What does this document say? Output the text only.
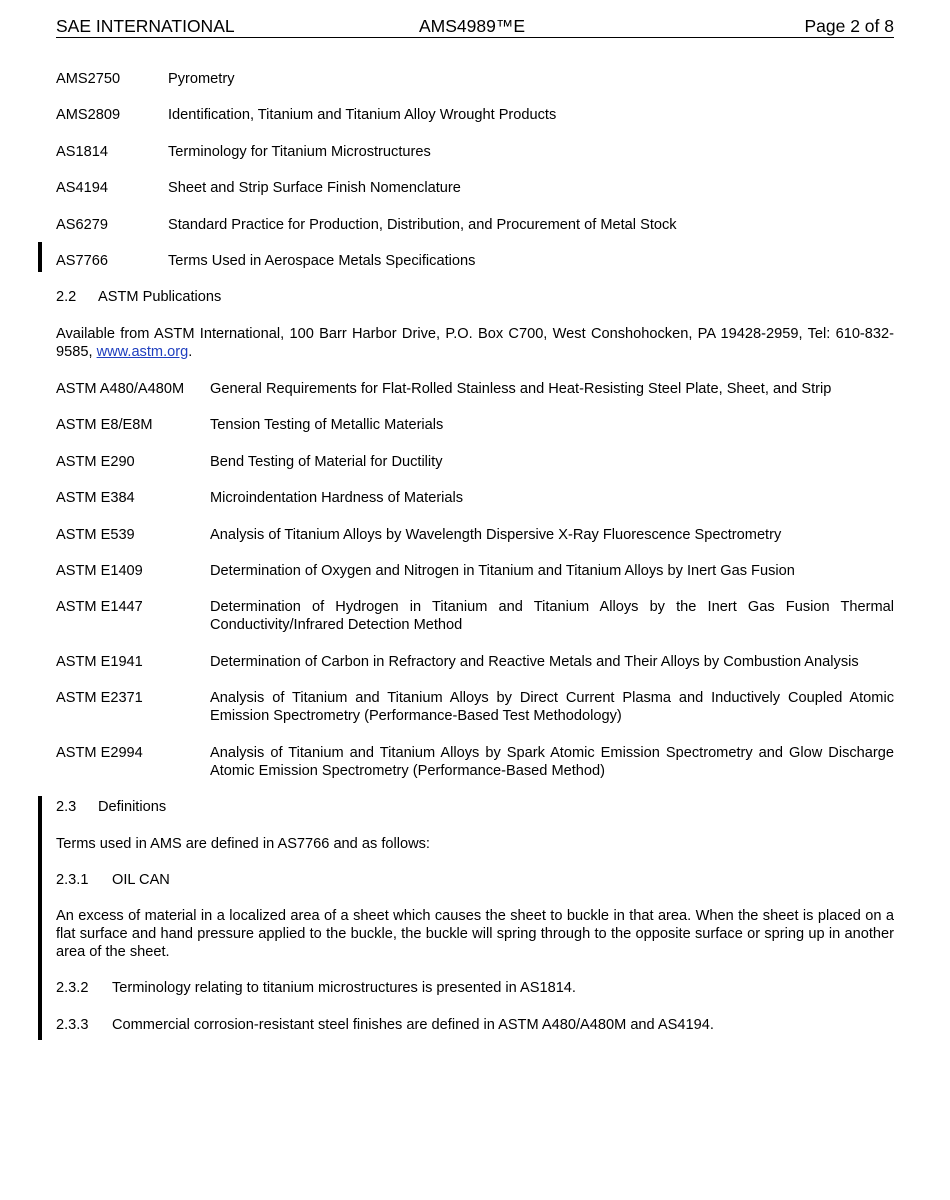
SAE INTERNATIONAL	AMS4989™E	Page 2 of 8
AMS2750	Pyrometry
AMS2809	Identification, Titanium and Titanium Alloy Wrought Products
AS1814	Terminology for Titanium Microstructures
AS4194	Sheet and Strip Surface Finish Nomenclature
AS6279	Standard Practice for Production, Distribution, and Procurement of Metal Stock
AS7766	Terms Used in Aerospace Metals Specifications
2.2 ASTM Publications
Available from ASTM International, 100 Barr Harbor Drive, P.O. Box C700, West Conshohocken, PA 19428-2959, Tel: 610-832-9585, www.astm.org.
ASTM A480/A480M General Requirements for Flat-Rolled Stainless and Heat-Resisting Steel Plate, Sheet, and Strip
ASTM E8/E8M	Tension Testing of Metallic Materials
ASTM E290	Bend Testing of Material for Ductility
ASTM E384	Microindentation Hardness of Materials
ASTM E539	Analysis of Titanium Alloys by Wavelength Dispersive X-Ray Fluorescence Spectrometry
ASTM E1409	Determination of Oxygen and Nitrogen in Titanium and Titanium Alloys by Inert Gas Fusion
ASTM E1447	Determination of Hydrogen in Titanium and Titanium Alloys by the Inert Gas Fusion Thermal Conductivity/Infrared Detection Method
ASTM E1941	Determination of Carbon in Refractory and Reactive Metals and Their Alloys by Combustion Analysis
ASTM E2371	Analysis of Titanium and Titanium Alloys by Direct Current Plasma and Inductively Coupled Atomic Emission Spectrometry (Performance-Based Test Methodology)
ASTM E2994	Analysis of Titanium and Titanium Alloys by Spark Atomic Emission Spectrometry and Glow Discharge Atomic Emission Spectrometry (Performance-Based Method)
2.3 Definitions
Terms used in AMS are defined in AS7766 and as follows:
2.3.1 OIL CAN
An excess of material in a localized area of a sheet which causes the sheet to buckle in that area. When the sheet is placed on a flat surface and hand pressure applied to the buckle, the buckle will spring through to the opposite surface or spring up in another area of the sheet.
2.3.2 Terminology relating to titanium microstructures is presented in AS1814.
2.3.3 Commercial corrosion-resistant steel finishes are defined in ASTM A480/A480M and AS4194.
